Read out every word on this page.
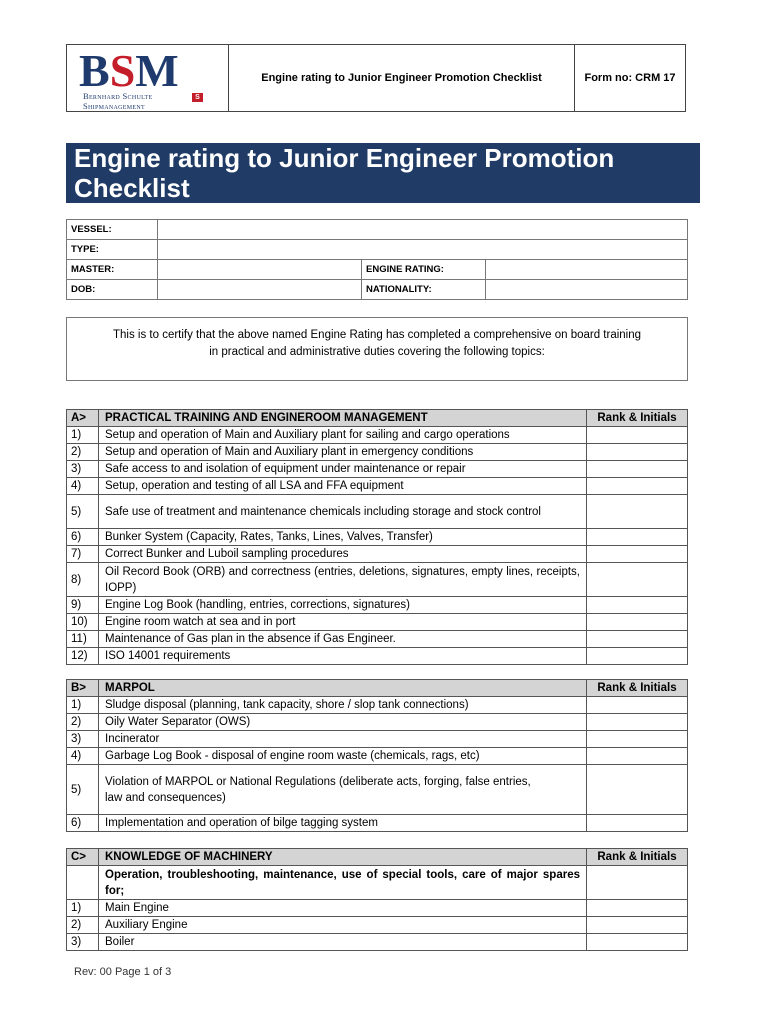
BSM
Bernhard Schulte
Shipmanagement
S
Engine rating to Junior Engineer Promotion Checklist	Form no: CRM 17
Engine rating to Junior Engineer Promotion
Checklist
VESSEL:			
TYPE:			
MASTER:		ENGINE RATING:	
DOB:		NATIONALITY:	
This is to certify that the above named Engine Rating has completed a comprehensive on board training
in practical and administrative duties covering the following topics:
A>	PRACTICAL TRAINING AND ENGINEROOM MANAGEMENT	Rank & Initials
1)	Setup and operation of Main and Auxiliary plant for sailing and cargo operations	
2)	Setup and operation of Main and Auxiliary plant in emergency conditions	
3)	Safe access to and isolation of equipment under maintenance or repair	
4)	Setup, operation and testing of all LSA and FFA equipment	
5)	Safe use of treatment and maintenance chemicals including storage and stock control	
6)	Bunker System (Capacity, Rates, Tanks, Lines, Valves, Transfer)	
7)	Correct Bunker and Luboil sampling procedures	
8)	Oil Record Book (ORB) and correctness (entries, deletions, signatures, empty lines, receipts, IOPP)	
9)	Engine Log Book (handling, entries, corrections, signatures)	
10)	Engine room watch at sea and in port	
11)	Maintenance of Gas plan in the absence if Gas Engineer.	
12)	ISO 14001 requirements	
B>	MARPOL	Rank & Initials
1)	Sludge disposal (planning, tank capacity, shore / slop tank connections)	
2)	Oily Water Separator (OWS)	
3)	Incinerator	
4)	Garbage Log Book - disposal of engine room waste (chemicals, rags, etc)	
5)	Violation of MARPOL or National Regulations (deliberate acts, forging, false entries,
law and consequences)	

6)	Implementation and operation of bilge tagging system	
C>	KNOWLEDGE OF MACHINERY	Rank & Initials
	Operation, troubleshooting, maintenance, use of special tools, care of major spares for;	
1)	Main Engine	
2)	Auxiliary Engine	
3)	Boiler	
Rev: 00 Page 1 of 3
